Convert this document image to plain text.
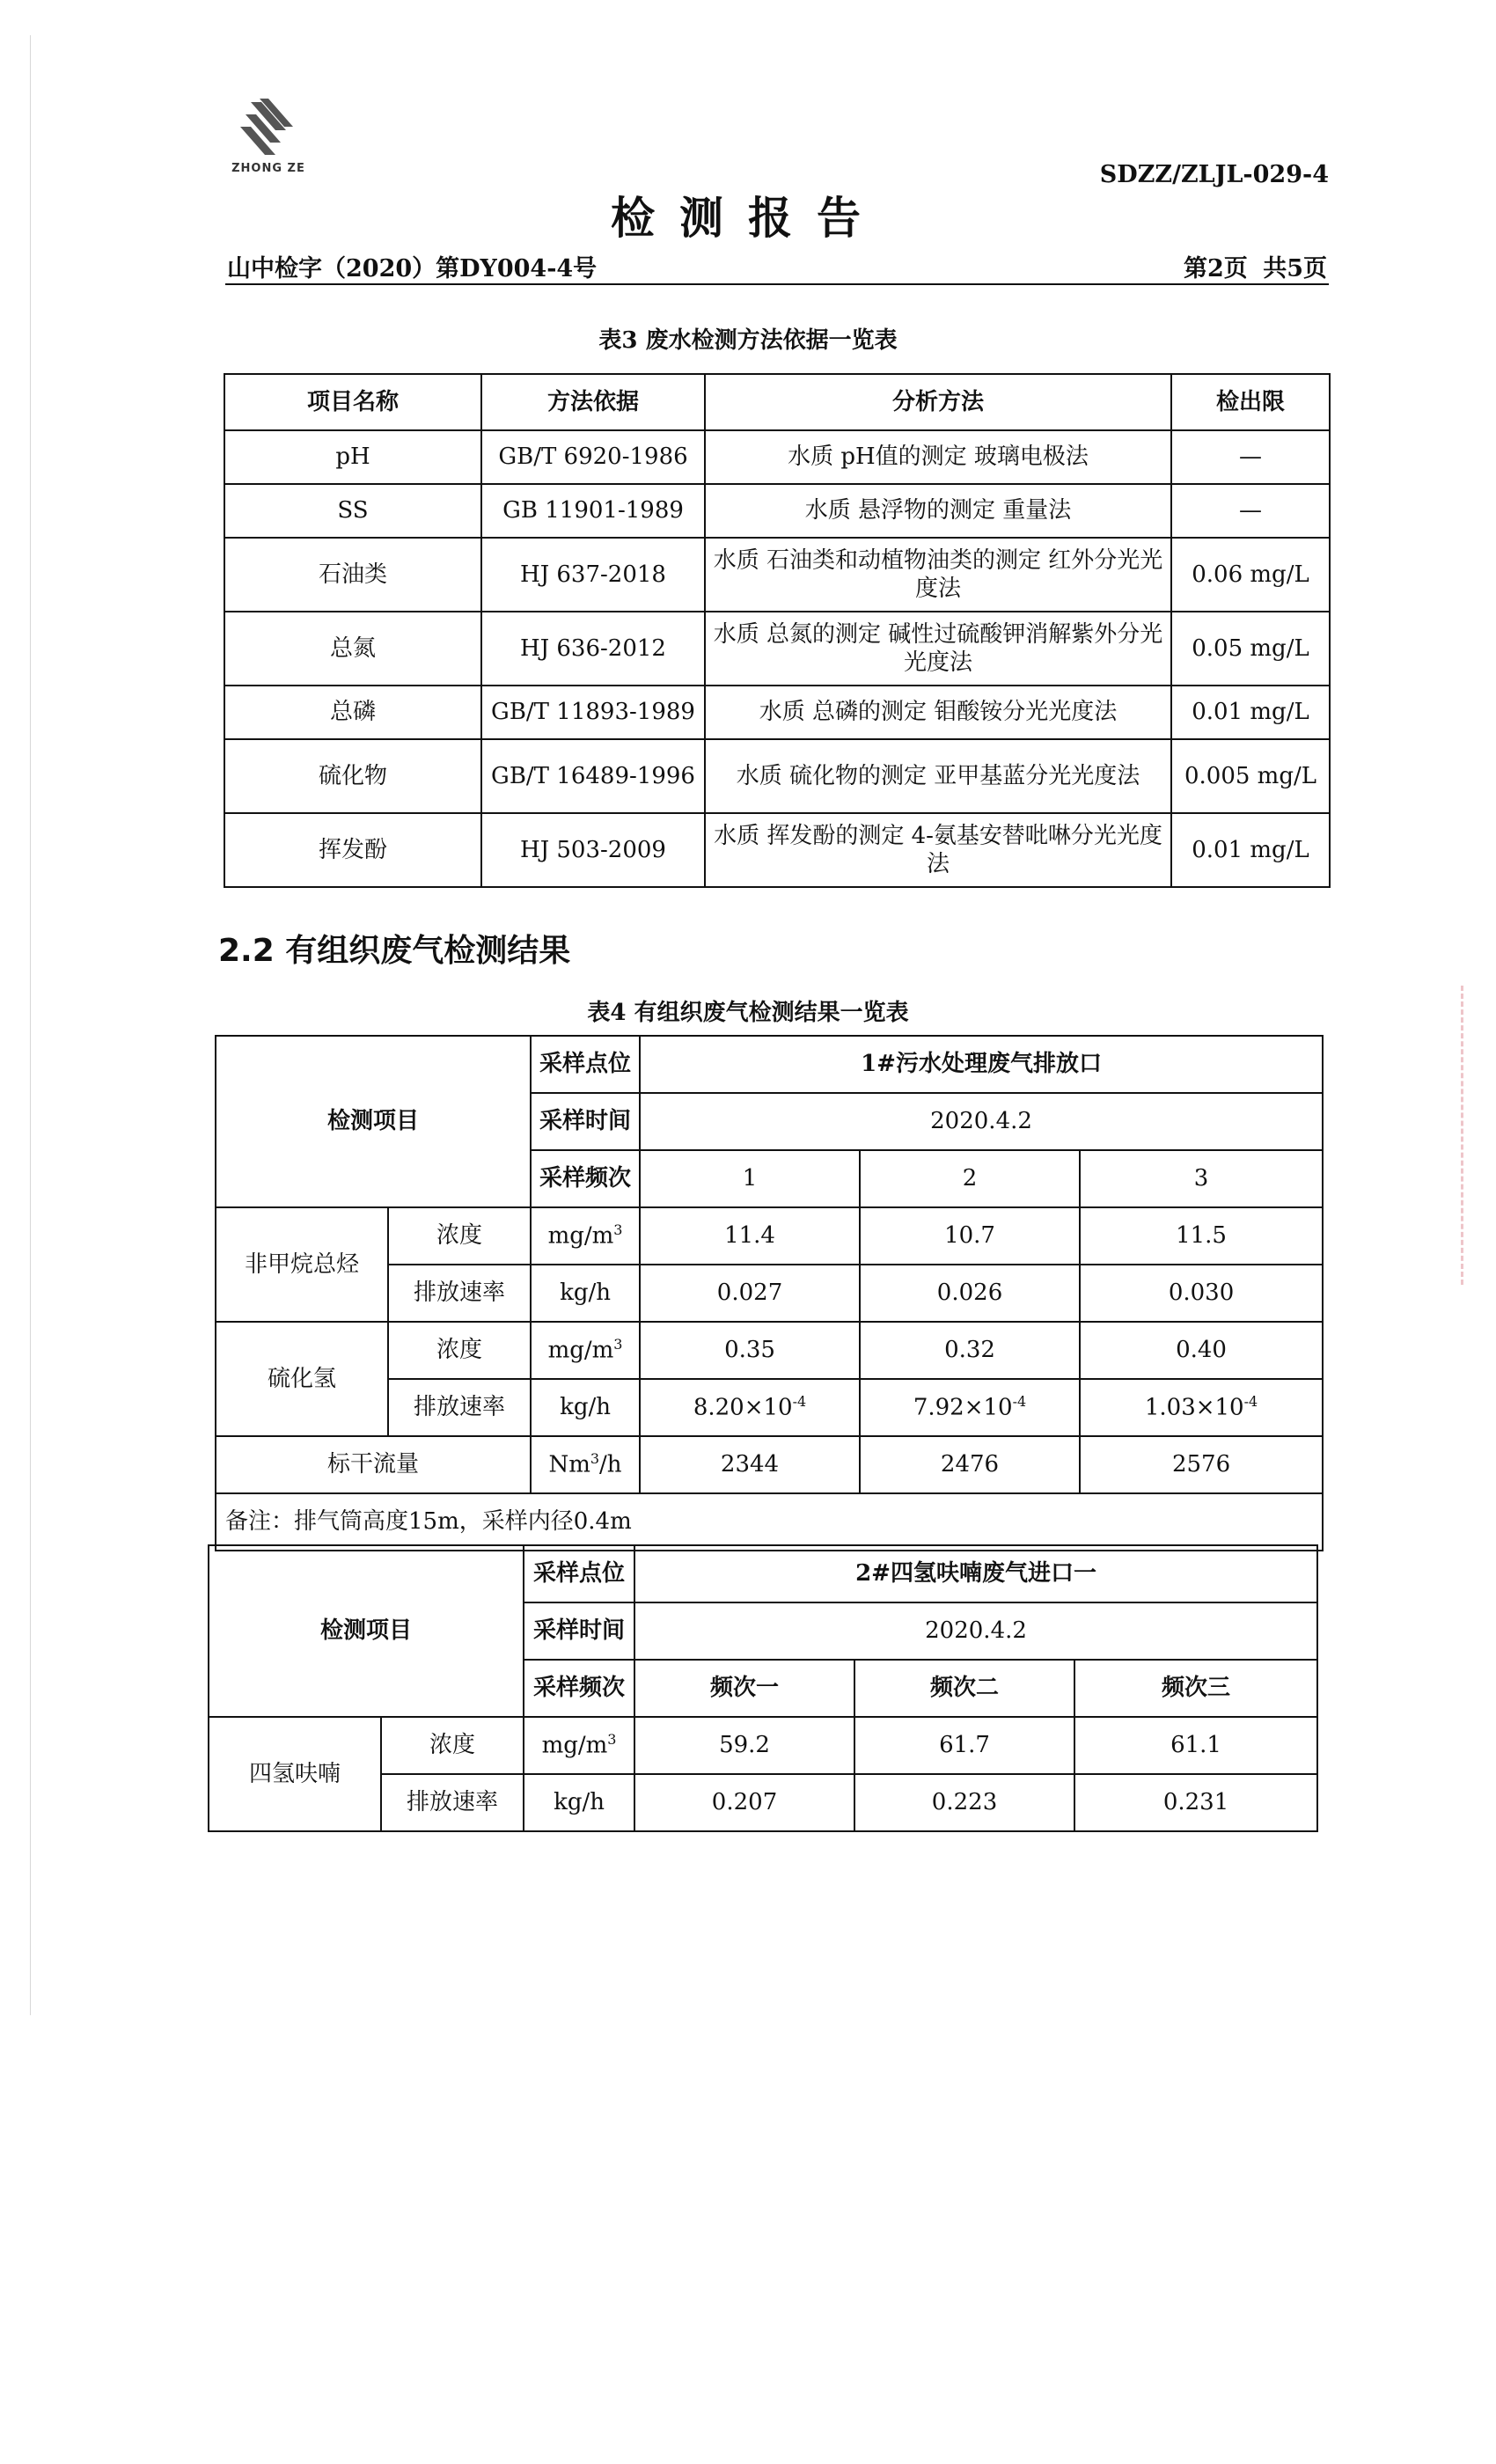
ZHONG ZE	SDZZ/ZLJL-029-4
检测报告
山中检字（2020）第DY004-4号	第2页 共5页
表3 废水检测方法依据一览表
项目名称	方法依据	分析方法	检出限
pH	GB/T 6920-1986	水质 pH值的测定 玻璃电极法	—
SS	GB 11901-1989	水质 悬浮物的测定 重量法	—
石油类	HJ 637-2018	水质 石油类和动植物油类的测定 红外分光光度法	0.06 mg/L
总氮	HJ 636-2012	水质 总氮的测定 碱性过硫酸钾消解紫外分光光度法	0.05 mg/L
总磷	GB/T 11893-1989	水质 总磷的测定 钼酸铵分光光度法	0.01 mg/L
硫化物	GB/T 16489-1996	水质 硫化物的测定 亚甲基蓝分光光度法	0.005 mg/L
挥发酚	HJ 503-2009	水质 挥发酚的测定 4-氨基安替吡啉分光光度法	0.01 mg/L
2.2 有组织废气检测结果
表4 有组织废气检测结果一览表
检测项目		采样点位	1#污水处理废气排放口		
		采样时间	2020.4.2		
		采样频次	1	2	3
非甲烷总烃	浓度	$mg/m^3$	11.4	10.7	11.5
	排放速率	kg/h	0.027	0.026	0.030
硫化氢	浓度	$mg/m^3$	0.35	0.32	0.40
	排放速率	kg/h	$8.20\times 10^{-4}$	$7.92\times 10^{-4}$	$1.03\times 10^{-4}$
标干流量		Nm$^3$/h	2344	2476	2576
备注：排气筒高度15m，采样内径0.4m					
检测项目		采样点位	2#四氢呋喃废气进口一		
		采样时间	2020.4.2		
		采样频次	频次一	频次二	频次三
四氢呋喃	浓度	$mg/m^3$	59.2	61.7	61.1
	排放速率	kg/h	0.207	0.223	0.231
